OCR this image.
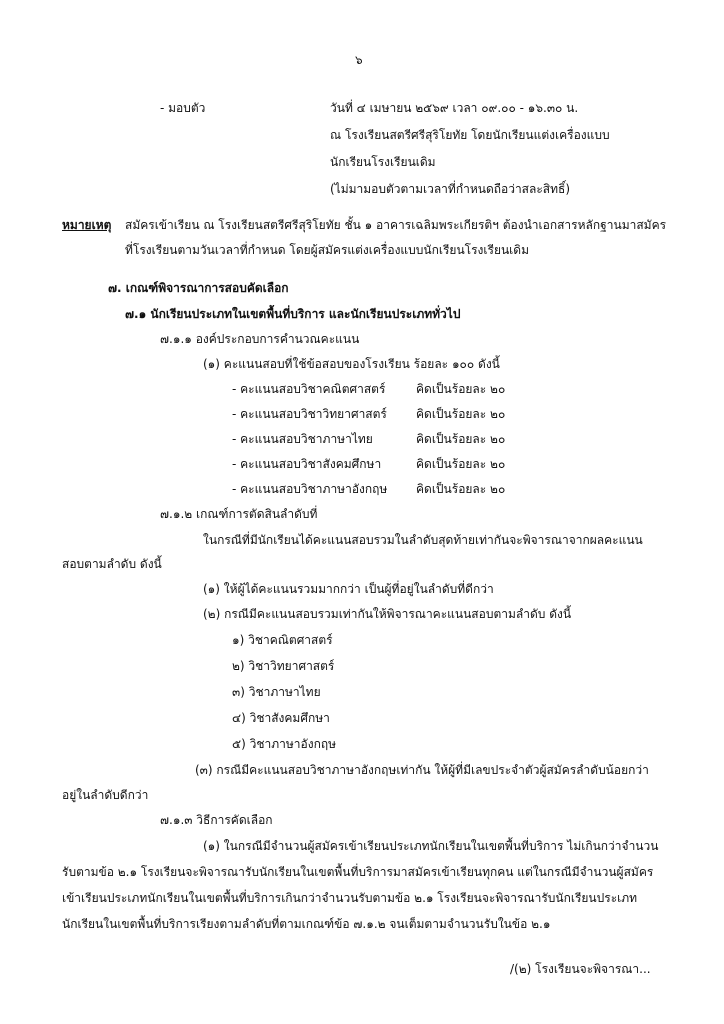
๖
- มอบตัว	วันที่ ๔ เมษายน ๒๕๖๙ เวลา ๐๙.๐๐ - ๑๖.๓๐ น.
ณ โรงเรียนสตรีศรีสุริโยทัย โดยนักเรียนแต่งเครื่องแบบ
นักเรียนโรงเรียนเดิม
(ไม่มามอบตัวตามเวลาที่กำหนดถือว่าสละสิทธิ์)
หมายเหตุ สมัครเข้าเรียน ณ โรงเรียนสตรีศรีสุริโยทัย ชั้น ๑ อาคารเฉลิมพระเกียรติฯ ต้องนำเอกสารหลักฐานมาสมัคร
ที่โรงเรียนตามวันเวลาที่กำหนด โดยผู้สมัครแต่งเครื่องแบบนักเรียนโรงเรียนเดิม
๗. เกณฑ์พิจารณาการสอบคัดเลือก
๗.๑ นักเรียนประเภทในเขตพื้นที่บริการ และนักเรียนประเภททั่วไป
๗.๑.๑ องค์ประกอบการคำนวณคะแนน
(๑) คะแนนสอบที่ใช้ข้อสอบของโรงเรียน ร้อยละ ๑๐๐ ดังนี้
- คะแนนสอบวิชาคณิตศาสตร์	คิดเป็นร้อยละ ๒๐
- คะแนนสอบวิชาวิทยาศาสตร์ คิดเป็นร้อยละ ๒๐
- คะแนนสอบวิชาภาษาไทย	คิดเป็นร้อยละ ๒๐
- คะแนนสอบวิชาสังคมศึกษา	คิดเป็นร้อยละ ๒๐
- คะแนนสอบวิชาภาษาอังกฤษ คิดเป็นร้อยละ ๒๐
๗.๑.๒ เกณฑ์การตัดสินลำดับที่
ในกรณีที่มีนักเรียนได้คะแนนสอบรวมในลำดับสุดท้ายเท่ากันจะพิจารณาจากผลคะแนน
สอบตามลำดับ ดังนี้
(๑) ให้ผู้ได้คะแนนรวมมากกว่า เป็นผู้ที่อยู่ในลำดับที่ดีกว่า
(๒) กรณีมีคะแนนสอบรวมเท่ากันให้พิจารณาคะแนนสอบตามลำดับ ดังนี้
๑) วิชาคณิตศาสตร์
๒) วิชาวิทยาศาสตร์
๓) วิชาภาษาไทย
๔) วิชาสังคมศึกษา
๕) วิชาภาษาอังกฤษ
(๓) กรณีมีคะแนนสอบวิชาภาษาอังกฤษเท่ากัน ให้ผู้ที่มีเลขประจำตัวผู้สมัครลำดับน้อยกว่า
อยู่ในลำดับดีกว่า
๗.๑.๓ วิธีการคัดเลือก
(๑) ในกรณีมีจำนวนผู้สมัครเข้าเรียนประเภทนักเรียนในเขตพื้นที่บริการ ไม่เกินกว่าจำนวน
รับตามข้อ ๒.๑ โรงเรียนจะพิจารณารับนักเรียนในเขตพื้นที่บริการมาสมัครเข้าเรียนทุกคน แต่ในกรณีมีจำนวนผู้สมัคร
เข้าเรียนประเภทนักเรียนในเขตพื้นที่บริการเกินกว่าจำนวนรับตามข้อ ๒.๑ โรงเรียนจะพิจารณารับนักเรียนประเภท
นักเรียนในเขตพื้นที่บริการเรียงตามลำดับที่ตามเกณฑ์ข้อ ๗.๑.๒ จนเต็มตามจำนวนรับในข้อ ๒.๑
/(๒) โรงเรียนจะพิจารณา...
